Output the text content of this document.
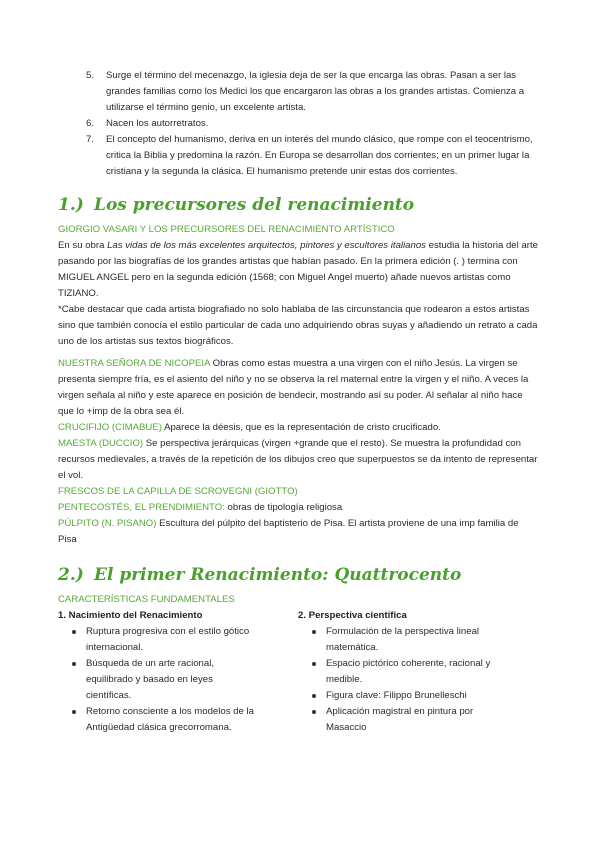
5. Surge el término del mecenazgo, la iglesia deja de ser la que encarga las obras. Pasan a ser las grandes familias como los Medici los que encargaron las obras a los grandes artistas. Comienza a utilizarse el término genio, un excelente artista.
6. Nacen los autorretratos.
7. El concepto del humanismo, deriva en un interés del mundo clásico, que rompe con el teocentrismo, critica la Biblia y predomina la razón. En Europa se desarrollan dos corrientes; en un primer lugar la cristiana y la segunda la clásica. El humanismo pretende unir estas dos corrientes.
1.) Los precursores del renacimiento

GIORGIO VASARI Y LOS PRECURSORES DEL RENACIMIENTO ARTÍSTICO

En su obra Las vidas de los más excelentes arquitectos, pintores y escultores italianos estudia la historia del arte pasando por las biografías de los grandes artistas que habían pasado. En la primera edición (. ) termina con MIGUEL ANGEL pero en la segunda edición (1568; con Miguel Angel muerto) añade nuevos artistas como TIZIANO.

*Cabe destacar que cada artista biografiado no solo hablaba de las circunstancia que rodearon a estos artistas sino que también conocía el estilo particular de cada uno adquiriendo obras suyas y añadiendo un retrato a cada uno de los artistas sus textos biográficos.

NUESTRA SEÑORA DE NICOPEIA Obras como estas muestra a una virgen con el niño Jesús. La virgen se presenta siempre fría, es el asiento del niño y no se observa la rel maternal entre la virgen y el niño. A veces la virgen señala al niño y este aparece en posición de bendecir, mostrando así su poder. Al señalar al niño hace que lo +imp de la obra sea él.

CRUCIFIJO (CIMABUE) Aparece la déesis, que es la representación de cristo crucificado.

MAESTA (DUCCIO) Se perspectiva jerárquicas (virgen +grande que el resto). Se muestra la profundidad con recursos medievales, a través de la repetición de los dibujos creo que superpuestos se da intento de representar el vol.

FRESCOS DE LA CAPILLA DE SCROVEGNI (GIOTTO)

PENTECOSTÉS, EL PRENDIMIENTO: obras de tipología religiosa

PÚLPITO (N. PISANO) Escultura del púlpito del baptisterio de Pisa. El artista proviene de una imp familia de Pisa

2.) El primer Renacimiento: Quattrocento

CARACTERÍSTICAS FUNDAMENTALES

1. Nacimiento del Renacimiento
Ruptura progresiva con el estilo gótico internacional.
Búsqueda de un arte racional, equilibrado y basado en leyes científicas.
Retorno consciente a los modelos de la Antigüedad clásica grecorromana.
2. Perspectiva científica
Formulación de la perspectiva lineal matemática.
Espacio pictórico coherente, racional y medible.
Figura clave: Filippo Brunelleschi
Aplicación magistral en pintura por Masaccio
